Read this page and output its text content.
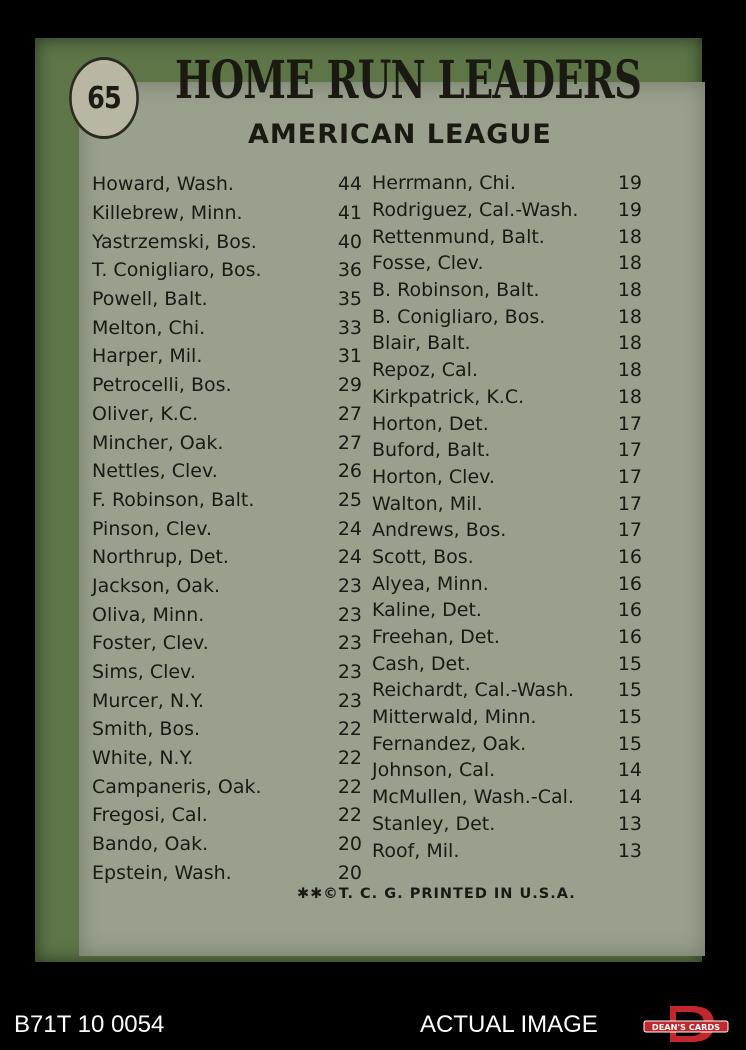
65 HOME RUN LEADERS
AMERICAN LEAGUE
Howard, Wash.	44
Killebrew, Minn.	41
Yastrzemski, Bos.	40
T. Conigliaro, Bos.	36
Powell, Balt.	35
Melton, Chi.	33
Harper, Mil.	31
Petrocelli, Bos.	29
Oliver, K.C.	27
Mincher, Oak.	27
Nettles, Clev.	26
F. Robinson, Balt.	25
Pinson, Clev.	24
Northrup, Det.	24
Jackson, Oak.	23
Oliva, Minn.	23
Foster, Clev.	23
Sims, Clev.	23
Murcer, N.Y.	23
Smith, Bos.	22
White, N.Y.	22
Campaneris, Oak.	22
Fregosi, Cal.	22
Bando, Oak.	20
Epstein, Wash.	20
Herrmann, Chi.	19
Rodriguez, Cal.-Wash. 19
Rettenmund, Balt.	18
Fosse, Clev.	18
B. Robinson, Balt.	18
B. Conigliaro, Bos.	18
Blair, Balt.	18
Repoz, Cal.	18
Kirkpatrick, K.C.	18
Horton, Det.	17
Buford, Balt.	17
Horton, Clev.	17
Walton, Mil.	17
Andrews, Bos.	17
Scott, Bos.	16
Alyea, Minn.	16
Kaline, Det.	16
Freehan, Det.	16
Cash, Det.	15
Reichardt, Cal.-Wash. 15
Mitterwald, Minn.	15
Fernandez, Oak.	15
Johnson, Cal.	14
McMullen, Wash.-Cal. 14
Stanley, Det.	13
Roof, Mil.	13
✱✱©T. C. G. PRINTED IN U.S.A.
B71T 10 0054	ACTUAL IMAGE	DEAN'S CARDS
